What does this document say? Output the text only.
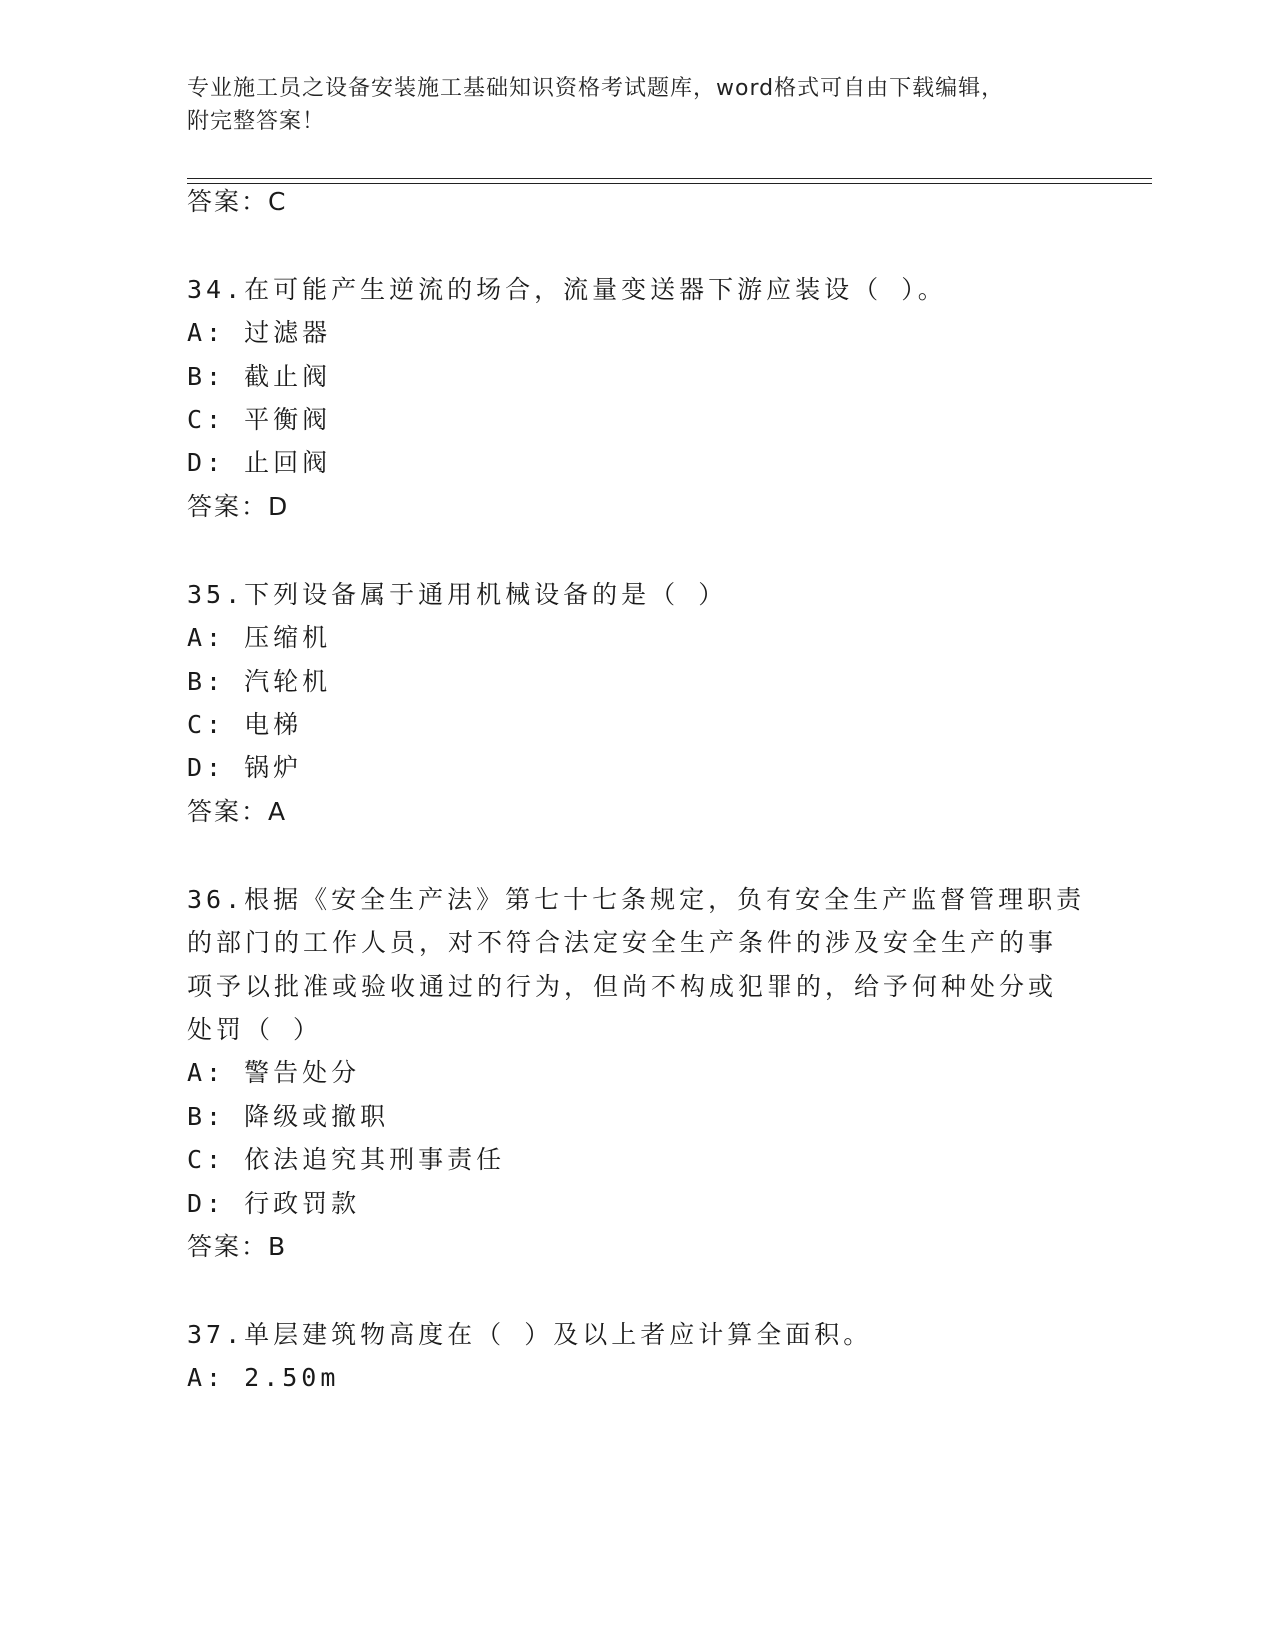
专业施工员之设备安装施工基础知识资格考试题库，word格式可自由下载编辑，
附完整答案！
答案：C
34.在可能产生逆流的场合，流量变送器下游应装设（ ）。
A: 过滤器
B: 截止阀
C: 平衡阀
D: 止回阀
答案：D
35.下列设备属于通用机械设备的是（ ）
A: 压缩机
B: 汽轮机
C: 电梯
D: 锅炉
答案：A
36.根据《安全生产法》第七十七条规定，负有安全生产监督管理职责
的部门的工作人员，对不符合法定安全生产条件的涉及安全生产的事
项予以批准或验收通过的行为，但尚不构成犯罪的，给予何种处分或
处罚（ ）
A: 警告处分
B: 降级或撤职
C: 依法追究其刑事责任
D: 行政罚款
答案：B
37.单层建筑物高度在（ ）及以上者应计算全面积。
A: 2.50m
